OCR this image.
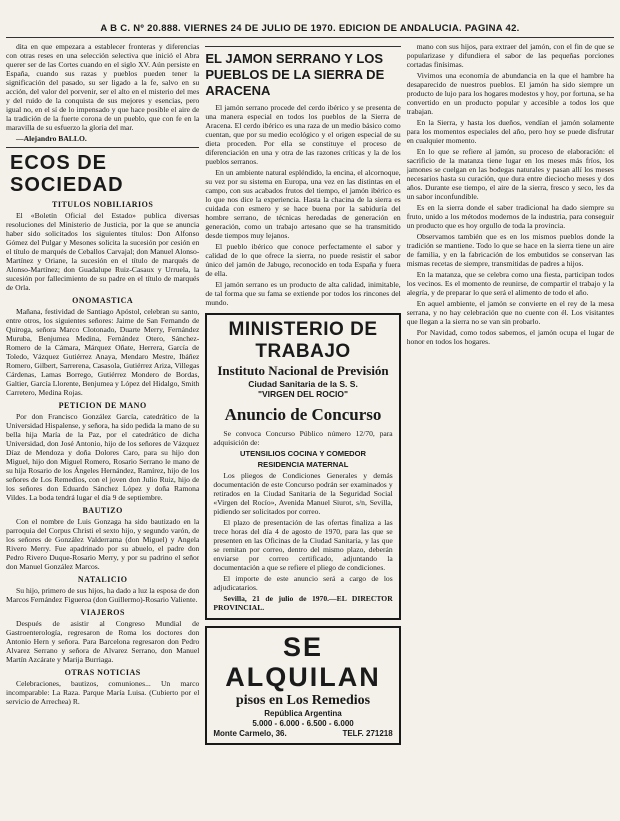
A B C. Nº 20.888. VIERNES 24 DE JULIO DE 1970. EDICION DE ANDALUCIA. PAGINA 42.

dita en que empezara a establecer fronteras y diferencias con otras reses en una selección selectiva que inició el Abra querer ser de las Cortes cuando en el siglo XV. Aún persiste en España, cuando sus razas y pueblos pueden tener la significación del pasado, su ser ligado a la fe, salvo en su acción, del valor del porvenir, ser el alto en el misterio del mes y del ruido de la conquista de sus mejores y esencias, pero igual no, en el sí de lo impensado y que hace posible el aire de la tradición de la fuerte corona de un pueblo, que con fe en la maravilla de su esfuerzo la gloria del mar.

—Alejandro BALLO.

ECOS DE SOCIEDAD
TITULOS NOBILIARIOS

El «Boletín Oficial del Estado» publica diversas resoluciones del Ministerio de Justicia, por la que se anuncia haber sido solicitados los siguientes títulos: Don Alfonso Gómez del Pulgar y Mesones solicita la sucesión por cesión en el título de marqués de Ceballos Carvajal; don Manuel Alonso-Martínez y Oriane, la sucesión en el título de marqués de Alonso-Martínez; don Guadalupe Ruiz-Casaux y Urruela, la sucesión por fallecimiento de su padre en el título de marqués de Orla.

ONOMASTICA

Mañana, festividad de Santiago Apóstol, celebran su santo, entre otros, los siguientes señores: Jaime de San Fernando de Quiroga, señora Marco Clotonado, Duarte Merry, Fernández Muruba, Benjumea Medina, Fernández Otero, Sánchez-Romero de la Cámara, Márquez Oñate, Herrera, García de Toledo, Vázquez Gutiérrez Anaya, Mendaro Mestre, Ibáñez Romero, Gilbert, Sarrerena, Casasola, Gutiérrez Ariza, Villegas Cárdenas, Lamas Borrego, Gutiérrez Mondero de Bordas, Galtier, García Llorente, Benjumea y López del Hidalgo, Smith Carretero, Medina Rojas.

PETICION DE MANO

Por don Francisco González García, catedrático de la Universidad Hispalense, y señora, ha sido pedida la mano de su bella hija María de la Paz, por el catedrático de dicha Universidad, don José Antonio, hijo de los señores de Vázquez Díaz de Mendoza y doña Dolores Caro, para su hijo don Miguel, hijo don Miguel Romero, Rosario Serrano le mano de su hija Rosario de los Ángeles Hernández, Ramírez, hijo de los señores de Los Remedios, con el joven don Julio Ruiz, hijo de los señores don Eduardo Sánchez López y doña Ramona Vildes. La boda tendrá lugar el día 9 de septiembre.

BAUTIZO

Con el nombre de Luis Gonzaga ha sido bautizado en la parroquia del Corpus Christi el sexto hijo, y segundo varón, de los señores de González Valderrama (don Miguel) y Angela Rivero Merry. Fue apadrinado por su abuelo, el padre don Pedro Rivero Duque-Rosario Merry, y por su padrino el señor don Manuel González Marcos.

NATALICIO

Su hijo, primero de sus hijos, ha dado a luz la esposa de don Marcos Fernández Figueroa (don Guillermo)-Rosario Valiente.

VIAJEROS

Después de asistir al Congreso Mundial de Gastroenterología, regresaron de Roma los doctores don Antonio Hern y señora. Para Barcelona regresaron don Pedro Alvarez Serrano y señora de Alvarez Serrano, don Manuel Martín Azcárate y Marija Burriaga.

OTRAS NOTICIAS

Celebraciones, bautizos, comuniones... Un marco incomparable: La Raza. Parque María Luisa. (Cubierto por el servicio de Arrechea) R.

EL JAMON SERRANO Y LOS PUEBLOS DE LA SIERRA DE ARACENA

El jamón serrano procede del cerdo ibérico y se presenta de una manera especial en todos los pueblos de la Sierra de Aracena. El cerdo ibérico es una raza de un medio básico como cuentan, que por su medio ecológico y el origen especial de su dieta proceden. Por ella se constituye el proceso de diferenciación en una y otra de las razones críticas y la de los pueblos serranos.

En un ambiente natural espléndido, la encina, el alcornoque, su vez por su sistema en Europa, una vez en las distintas en el campo, con sus acabados frutos del tiempo, el jamón ibérico es lo que nos dice la experiencia. Hasta la chacina de la sierra es cuidada con esmero y se hace buena por la sabiduría del hombre serrano, de técnicas heredadas de generación en generación, como un trabajo artesano que se ha transmitido desde tiempos muy lejanos.

El pueblo ibérico que conoce perfectamente el sabor y calidad de lo que ofrece la sierra, no puede resistir el sabor único del jamón de Jabugo, reconocido en toda España y fuera de ella.

El jamón serrano es un producto de alta calidad, inimitable, de tal forma que su fama se extiende por todos los rincones del mundo.

MINISTERIO DE TRABAJO
Instituto Nacional de Previsión
Ciudad Sanitaria de la S. S.
"VIRGEN DEL ROCIO"
Anuncio de Concurso

Se convoca Concurso Público número 12/70, para adquisición de:

UTENSILIOS COCINA Y COMEDOR
RESIDENCIA MATERNAL

Los pliegos de Condiciones Generales y demás documentación de este Concurso podrán ser examinados y retirados en la Ciudad Sanitaria de la Seguridad Social «Virgen del Rocío», Avenida Manuel Siurot, s/n, Sevilla, pidiendo ser solicitados por correo.

El plazo de presentación de las ofertas finaliza a las trece horas del día 4 de agosto de 1970, para las que se presenten en las Oficinas de la Ciudad Sanitaria, y las que se remitan por correo, dentro del mismo plazo, deberán enviarse por correo certificado, adjuntando la documentación a que se refiere el pliego de condiciones.

El importe de este anuncio será a cargo de los adjudicatarios.

Sevilla, 21 de julio de 1970.—EL DIRECTOR PROVINCIAL.

SE ALQUILAN
pisos en Los Remedios
República Argentina
5.000 - 6.000 - 6.500 - 6.000
Monte Carmelo, 36.	TELF. 271218

mano con sus hijos, para extraer del jamón, con el fin de que se popularizase y difundiera el sabor de las pequeñas porciones cortadas finísimas.

Vivimos una economía de abundancia en la que el hambre ha desaparecido de nuestros pueblos. El jamón ha sido siempre un producto de lujo para los hogares modestos y hoy, por fortuna, se ha convertido en un producto popular y accesible a todos los que trabajan.

En la Sierra, y hasta los dueños, vendían el jamón solamente para los momentos especiales del año, pero hoy se puede disfrutar en cualquier momento.

En lo que se refiere al jamón, su proceso de elaboración: el sacrificio de la matanza tiene lugar en los meses más fríos, los jamones se cuelgan en las bodegas naturales y pasan allí los meses necesarios hasta su curación, que dura entre dieciocho meses y dos años. Durante ese tiempo, el aire de la sierra, fresco y seco, les da un sabor inconfundible.

Es en la sierra donde el saber tradicional ha dado siempre su fruto, unido a los métodos modernos de la industria, para conseguir un producto que es hoy orgullo de toda la provincia.

Observamos también que es en los mismos pueblos donde la tradición se mantiene. Todo lo que se hace en la sierra tiene un aire de familia, y en la fabricación de los embutidos se conservan las mismas recetas de siempre, transmitidas de padres a hijos.

En la matanza, que se celebra como una fiesta, participan todos los vecinos. Es el momento de reunirse, de compartir el trabajo y la alegría, y de preparar lo que será el alimento de todo el año.

En aquel ambiente, el jamón se convierte en el rey de la mesa serrana, y no hay celebración que no cuente con él. Los visitantes que llegan a la sierra no se van sin probarlo.

Por Navidad, como todos sabemos, el jamón ocupa el lugar de honor en todos los hogares.
